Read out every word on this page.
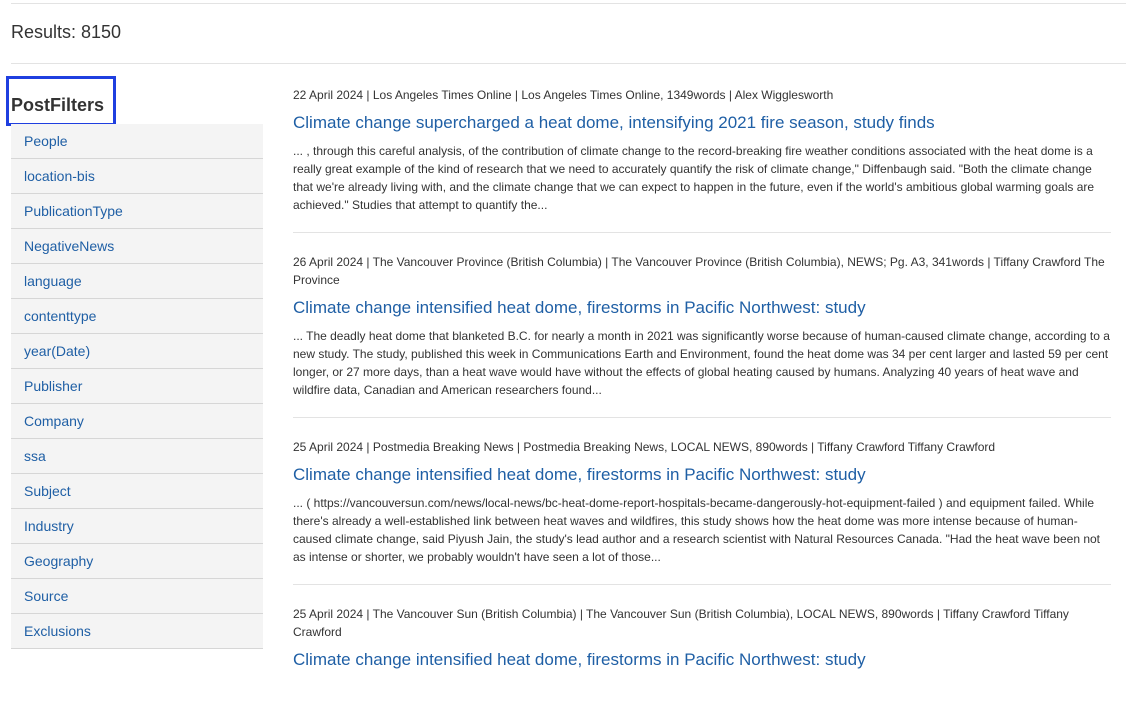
Results: 8150
PostFilters
People
location-bis
PublicationType
NegativeNews
language
contenttype
year(Date)
Publisher
Company
ssa
Subject
Industry
Geography
Source
Exclusions
22 April 2024 | Los Angeles Times Online | Los Angeles Times Online, 1349words | Alex Wigglesworth
Climate change supercharged a heat dome, intensifying 2021 fire season, study finds

... , through this careful analysis, of the contribution of climate change to the record-breaking fire weather conditions associated with the heat dome is a really great example of the kind of research that we need to accurately quantify the risk of climate change," Diffenbaugh said. "Both the climate change that we're already living with, and the climate change that we can expect to happen in the future, even if the world's ambitious global warming goals are achieved." Studies that attempt to quantify the...

26 April 2024 | The Vancouver Province (British Columbia) | The Vancouver Province (British Columbia), NEWS; Pg. A3, 341words | Tiffany Crawford The Province
Climate change intensified heat dome, firestorms in Pacific Northwest: study

... The deadly heat dome that blanketed B.C. for nearly a month in 2021 was significantly worse because of human-caused climate change, according to a new study. The study, published this week in Communications Earth and Environment, found the heat dome was 34 per cent larger and lasted 59 per cent longer, or 27 more days, than a heat wave would have without the effects of global heating caused by humans. Analyzing 40 years of heat wave and wildfire data, Canadian and American researchers found...

25 April 2024 | Postmedia Breaking News | Postmedia Breaking News, LOCAL NEWS, 890words | Tiffany Crawford Tiffany Crawford
Climate change intensified heat dome, firestorms in Pacific Northwest: study

... ( https://vancouversun.com/news/local-news/bc-heat-dome-report-hospitals-became-dangerously-hot-equipment-failed ) and equipment failed. While there's already a well-established link between heat waves and wildfires, this study shows how the heat dome was more intense because of human-caused climate change, said Piyush Jain, the study's lead author and a research scientist with Natural Resources Canada. "Had the heat wave been not as intense or shorter, we probably wouldn't have seen a lot of those...

25 April 2024 | The Vancouver Sun (British Columbia) | The Vancouver Sun (British Columbia), LOCAL NEWS, 890words | Tiffany Crawford Tiffany Crawford
Climate change intensified heat dome, firestorms in Pacific Northwest: study
